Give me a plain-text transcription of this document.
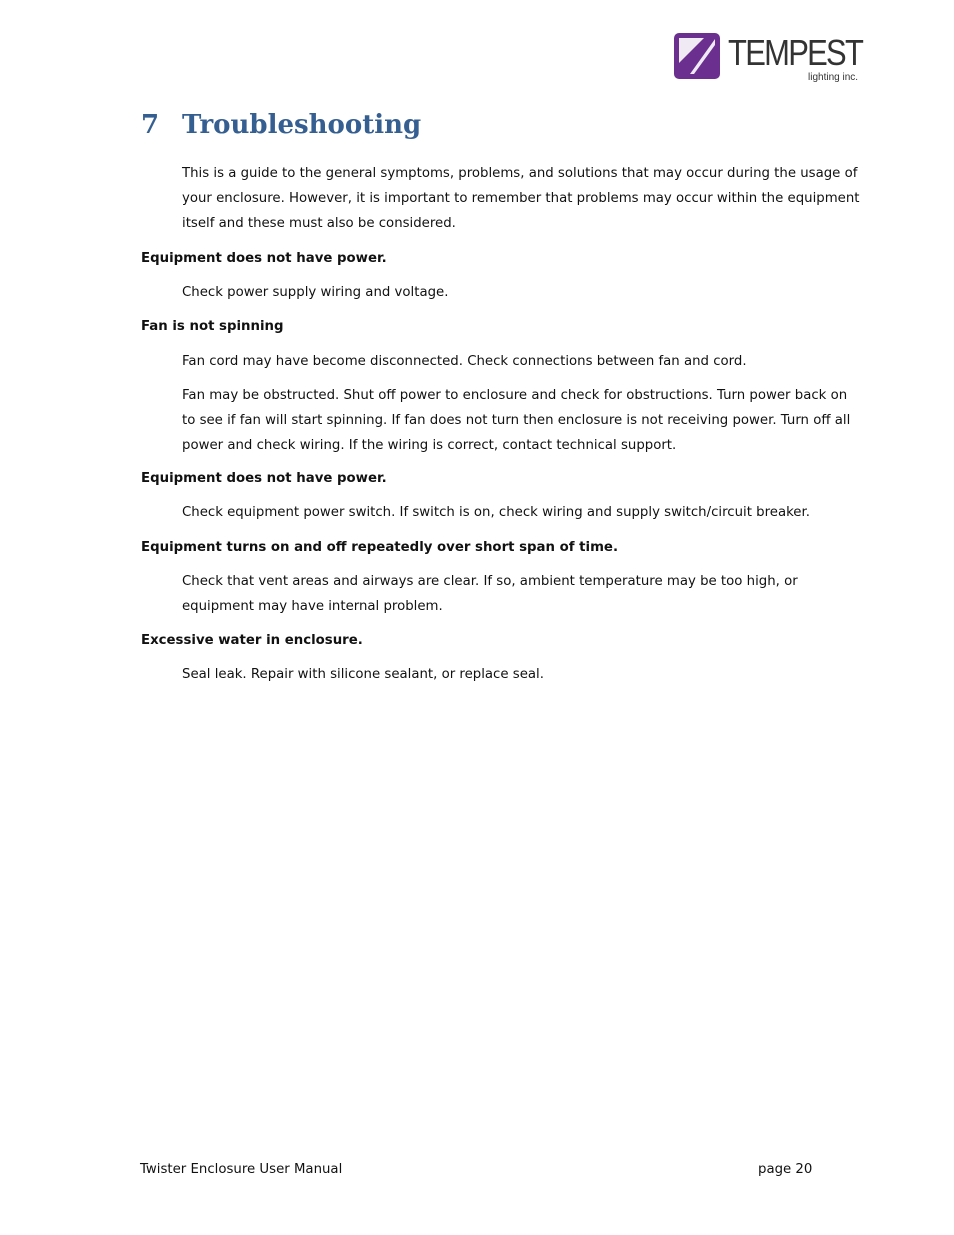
TEMPEST
lighting inc.
7 Troubleshooting

This is a guide to the general symptoms, problems, and solutions that may occur during the usage of your enclosure. However, it is important to remember that problems may occur within the equipment itself and these must also be considered.

Equipment does not have power.

Check power supply wiring and voltage.

Fan is not spinning

Fan cord may have become disconnected. Check connections between fan and cord.

Fan may be obstructed. Shut off power to enclosure and check for obstructions. Turn power back on to see if fan will start spinning. If fan does not turn then enclosure is not receiving power. Turn off all power and check wiring. If the wiring is correct, contact technical support.

Equipment does not have power.

Check equipment power switch. If switch is on, check wiring and supply switch/circuit breaker.

Equipment turns on and off repeatedly over short span of time.

Check that vent areas and airways are clear. If so, ambient temperature may be too high, or equipment may have internal problem.

Excessive water in enclosure.

Seal leak. Repair with silicone sealant, or replace seal.

Twister Enclosure User Manual	page 20
